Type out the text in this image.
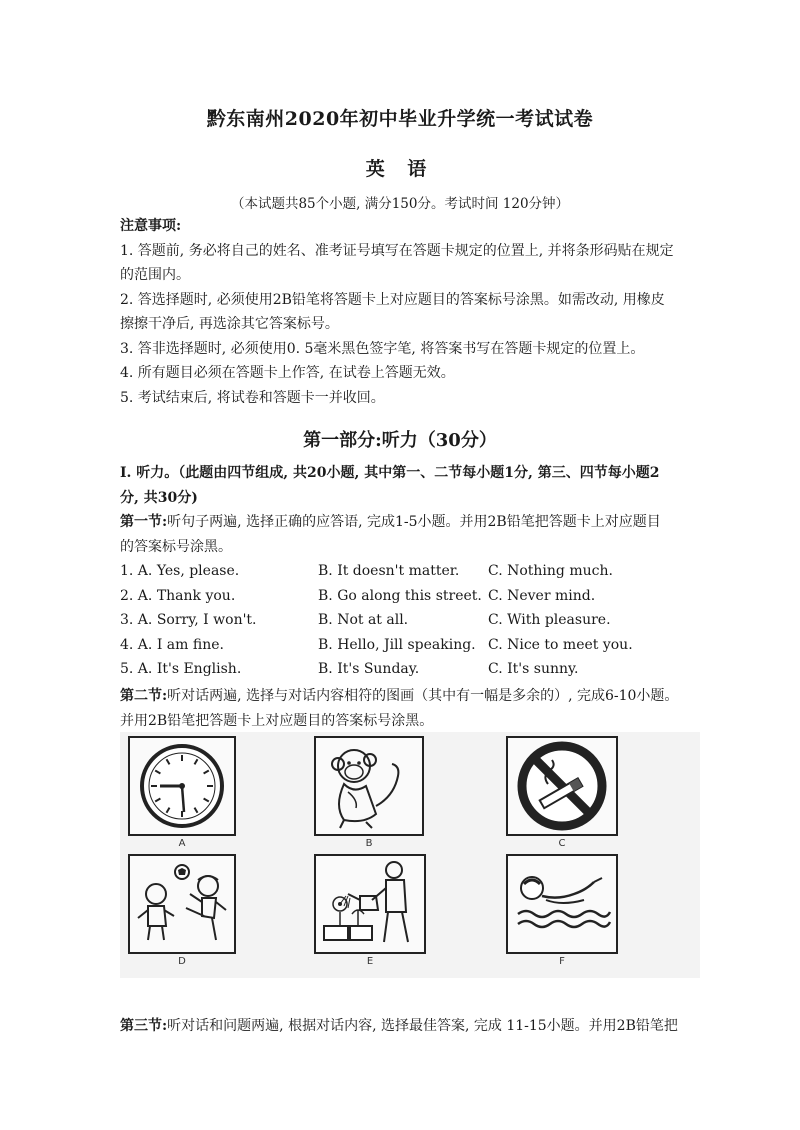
黔东南州2020年初中毕业升学统一考试试卷
英 语
（本试题共85个小题, 满分150分。考试时间 120分钟）

注意事项:

1. 答题前, 务必将自己的姓名、准考证号填写在答题卡规定的位置上, 并将条形码贴在规定

的范围内。

2. 答选择题时, 必须使用2B铅笔将答题卡上对应题目的答案标号涂黑。如需改动, 用橡皮

擦擦干净后, 再选涂其它答案标号。

3. 答非选择题时, 必须使用0. 5毫米黑色签字笔, 将答案书写在答题卡规定的位置上。

4. 所有题目必须在答题卡上作答, 在试卷上答题无效。

5. 考试结束后, 将试卷和答题卡一并收回。

第一部分:听力（30分）

I. 听力。（此题由四节组成, 共20小题, 其中第一、二节每小题1分, 第三、四节每小题2

分, 共30分)

第一节:听句子两遍, 选择正确的应答语, 完成1-5小题。并用2B铅笔把答题卡上对应题目

的答案标号涂黑。

1. A. Yes, please.	B. It doesn't matter.	C. Nothing much.
2. A. Thank you.	B. Go along this street. C. Never mind.
3. A. Sorry, I won't.	B. Not at all.	C. With pleasure.
4. A. I am fine.	B. Hello, Jill speaking. C. Nice to meet you.
5. A. It's English.	B. It's Sunday.	C. It's sunny.

第二节:听对话两遍, 选择与对话内容相符的图画（其中有一幅是多余的）, 完成6-10小题。

并用2B铅笔把答题卡上对应题目的答案标号涂黑。

A	B	C
D	E	F

第三节:听对话和问题两遍, 根据对话内容, 选择最佳答案, 完成 11-15小题。并用2B铅笔把
